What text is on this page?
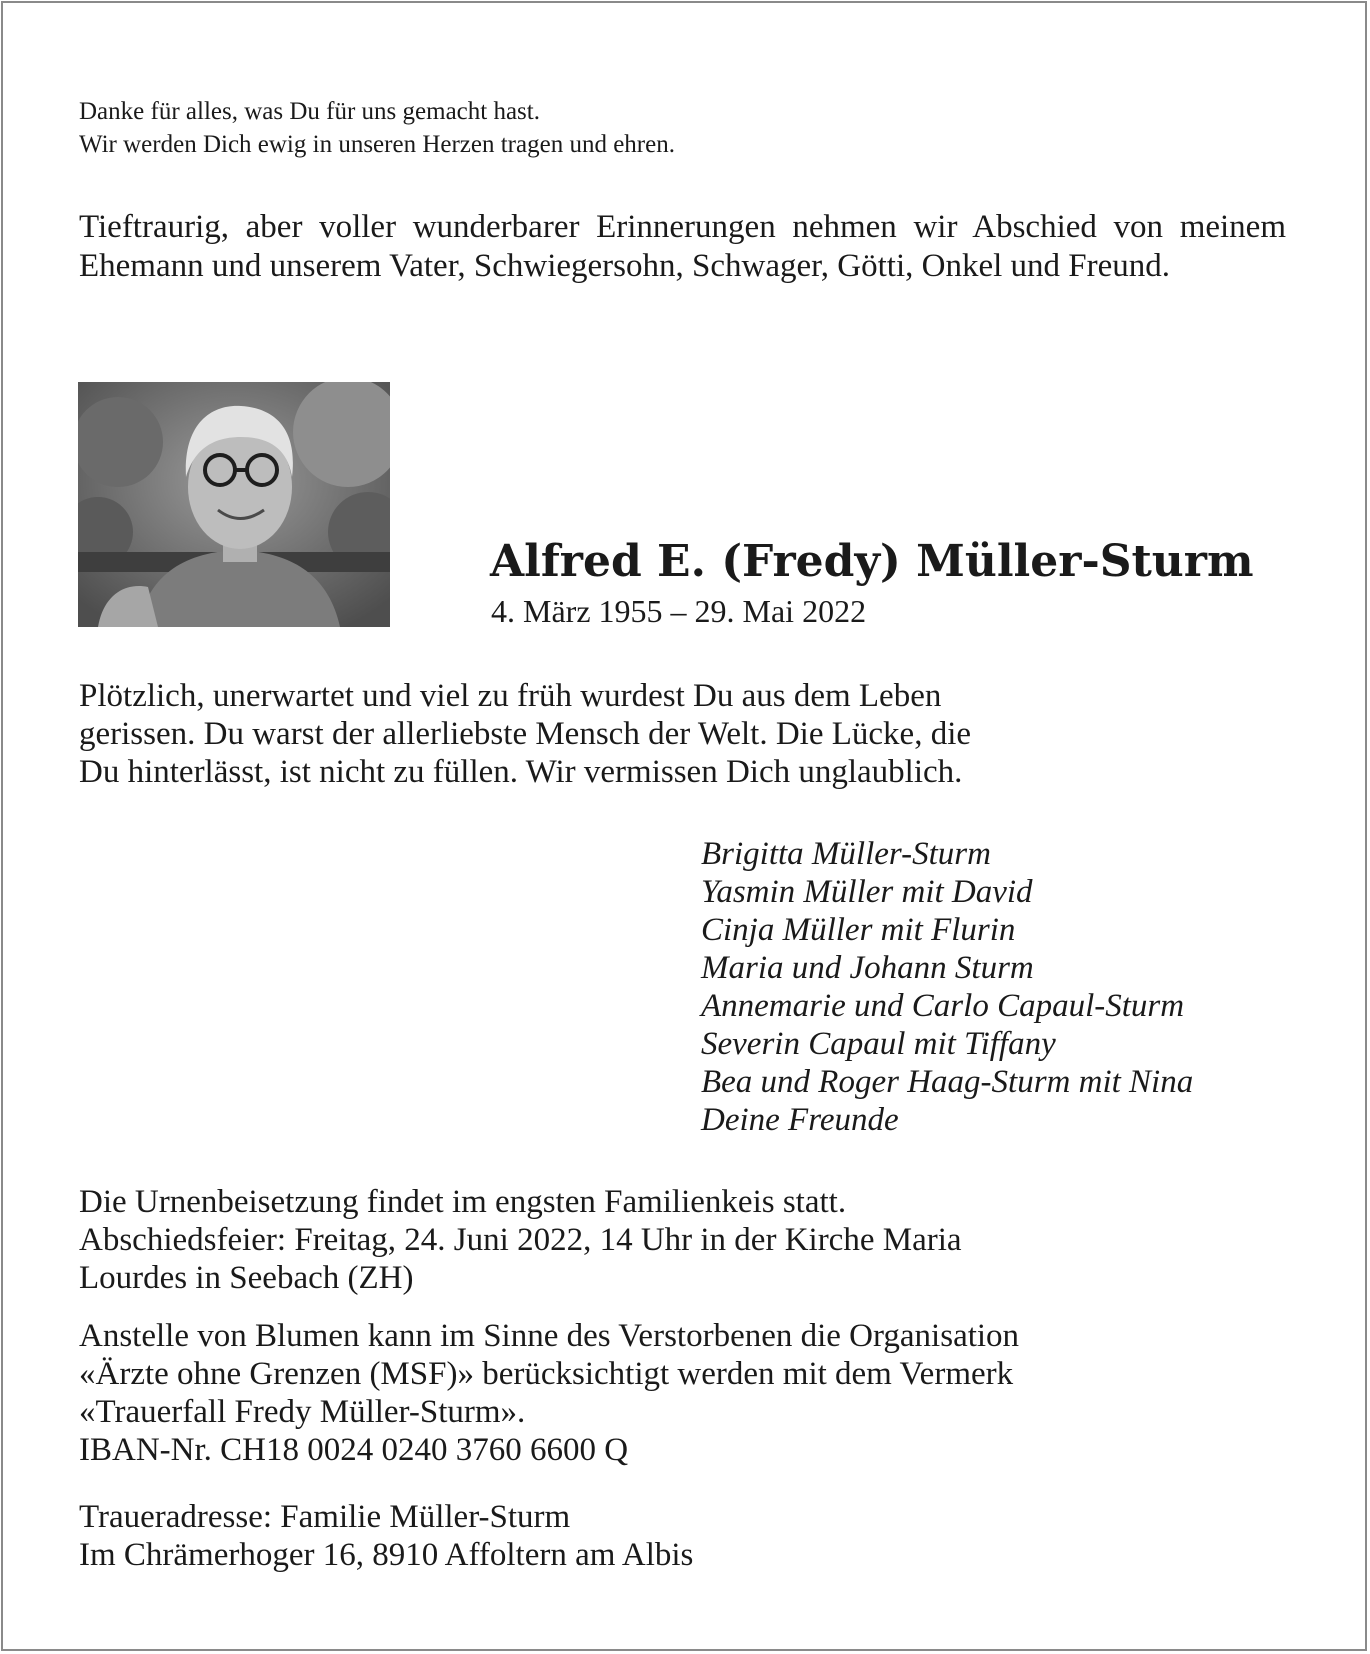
Danke für alles, was Du für uns gemacht hast.
Wir werden Dich ewig in unseren Herzen tragen und ehren.

Tieftraurig, aber voller wunderbarer Erinnerungen nehmen wir Abschied von meinem Ehemann und unserem Vater, Schwiegersohn, Schwager, Götti, Onkel und Freund.

Alfred E. (Fredy) Müller-Sturm

4. März 1955 – 29. Mai 2022

Plötzlich, unerwartet und viel zu früh wurdest Du aus dem Leben
gerissen. Du warst der allerliebste Mensch der Welt. Die Lücke, die
Du hinterlässt, ist nicht zu füllen. Wir vermissen Dich unglaublich.

Brigitta Müller-Sturm
Yasmin Müller mit David
Cinja Müller mit Flurin
Maria und Johann Sturm
Annemarie und Carlo Capaul-Sturm
Severin Capaul mit Tiffany
Bea und Roger Haag-Sturm mit Nina
Deine Freunde

Die Urnenbeisetzung findet im engsten Familienkeis statt.
Abschiedsfeier: Freitag, 24. Juni 2022, 14 Uhr in der Kirche Maria
Lourdes in Seebach (ZH)

Anstelle von Blumen kann im Sinne des Verstorbenen die Organisation
«Ärzte ohne Grenzen (MSF)» berücksichtigt werden mit dem Vermerk
«Trauerfall Fredy Müller-Sturm».
IBAN-Nr. CH18 0024 0240 3760 6600 Q

Traueradresse: Familie Müller-Sturm
Im Chrämerhoger 16, 8910 Affoltern am Albis
